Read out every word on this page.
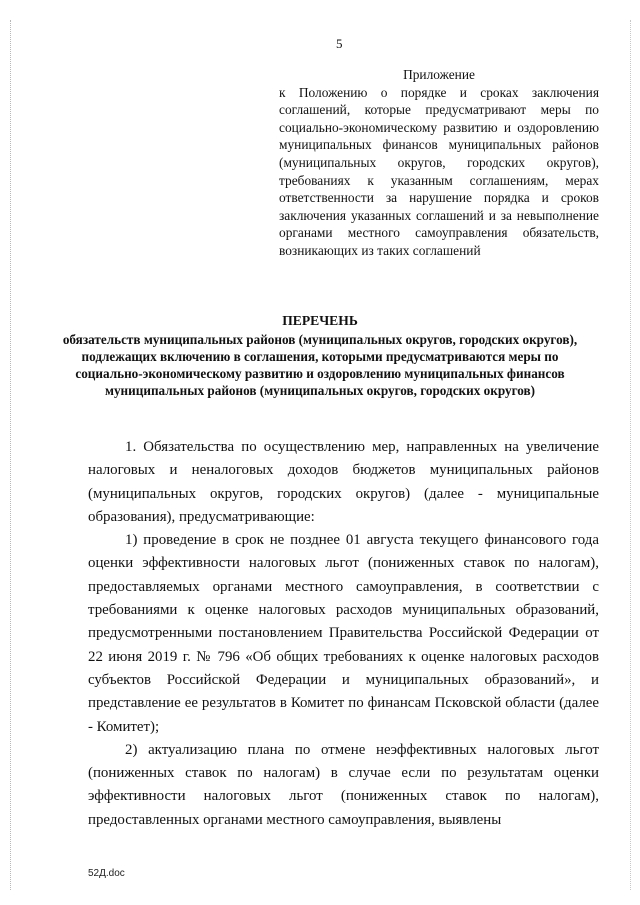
5
Приложение
к Положению о порядке и сроках заключения соглашений, которые предусматривают меры по социально-экономическому развитию и оздоровлению муниципальных финансов муниципальных районов (муниципальных округов, городских округов), требованиях к указанным соглашениям, мерах ответственности за нарушение порядка и сроков заключения указанных соглашений и за невыполнение органами местного самоуправления обязательств, возникающих из таких соглашений
ПЕРЕЧЕНЬ
обязательств муниципальных районов (муниципальных округов, городских округов), подлежащих включению в соглашения, которыми предусматриваются меры по социально-экономическому развитию и оздоровлению муниципальных финансов муниципальных районов (муниципальных округов, городских округов)

1. Обязательства по осуществлению мер, направленных на увеличение налоговых и неналоговых доходов бюджетов муниципальных районов (муниципальных округов, городских округов) (далее - муниципальные образования), предусматривающие:

1) проведение в срок не позднее 01 августа текущего финансового года оценки эффективности налоговых льгот (пониженных ставок по налогам), предоставляемых органами местного самоуправления, в соответствии с требованиями к оценке налоговых расходов муниципальных образований, предусмотренными постановлением Правительства Российской Федерации от 22 июня 2019 г. № 796 «Об общих требованиях к оценке налоговых расходов субъектов Российской Федерации и муниципальных образований», и представление ее результатов в Комитет по финансам Псковской области (далее - Комитет);

2) актуализацию плана по отмене неэффективных налоговых льгот (пониженных ставок по налогам) в случае если по результатам оценки эффективности налоговых льгот (пониженных ставок по налогам), предоставленных органами местного самоуправления, выявлены

52Д.doc
